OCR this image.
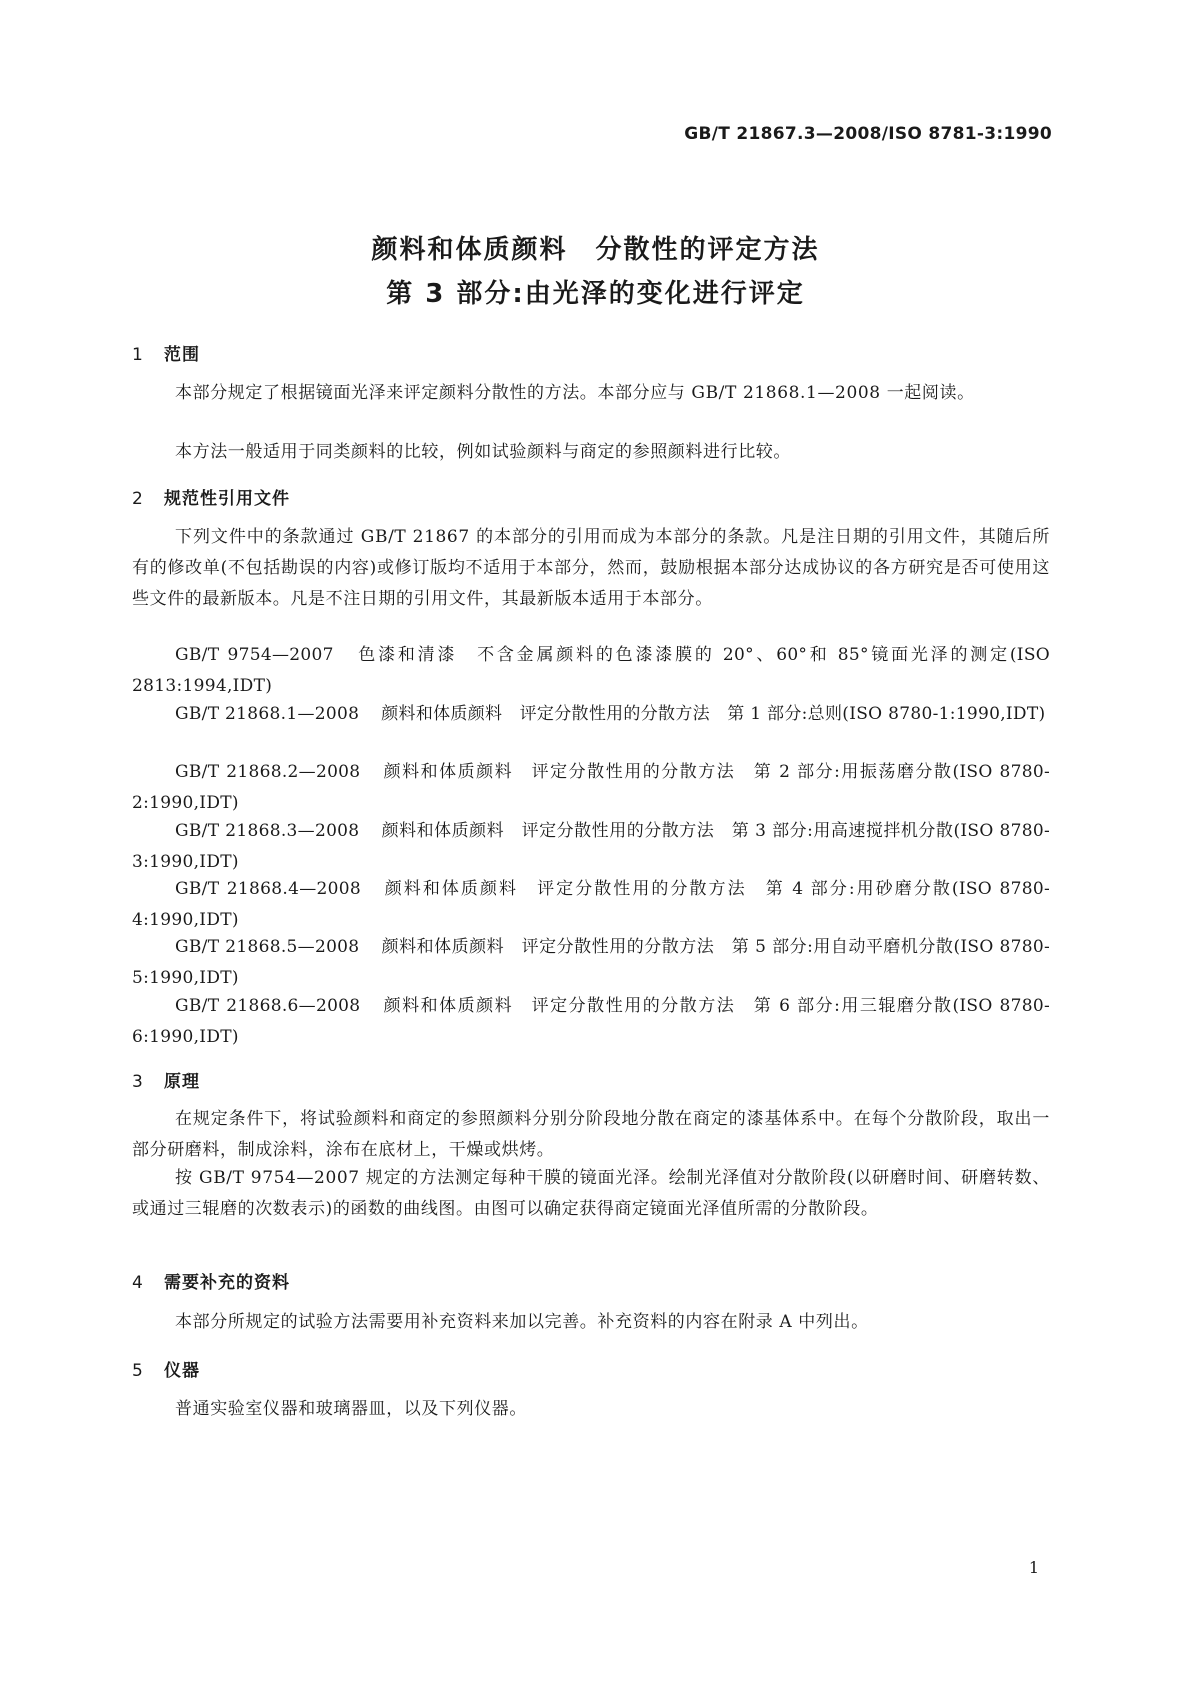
GB/T 21867.3—2008/ISO 8781-3:1990
颜料和体质颜料　分散性的评定方法
第 3 部分:由光泽的变化进行评定
1 范围
本部分规定了根据镜面光泽来评定颜料分散性的方法。本部分应与 GB/T 21868.1—2008 一起阅读。
本方法一般适用于同类颜料的比较，例如试验颜料与商定的参照颜料进行比较。
2 规范性引用文件
下列文件中的条款通过 GB/T 21867 的本部分的引用而成为本部分的条款。凡是注日期的引用文件，其随后所有的修改单(不包括勘误的内容)或修订版均不适用于本部分，然而，鼓励根据本部分达成协议的各方研究是否可使用这些文件的最新版本。凡是不注日期的引用文件，其最新版本适用于本部分。
GB/T 9754—2007 色漆和清漆　不含金属颜料的色漆漆膜的 20°、60°和 85°镜面光泽的测定(ISO 2813:1994,IDT)
GB/T 21868.1—2008 颜料和体质颜料　评定分散性用的分散方法　第 1 部分:总则(ISO 8780-1:1990,IDT)
GB/T 21868.2—2008 颜料和体质颜料　评定分散性用的分散方法　第 2 部分:用振荡磨分散(ISO 8780-2:1990,IDT)
GB/T 21868.3—2008 颜料和体质颜料　评定分散性用的分散方法　第 3 部分:用高速搅拌机分散(ISO 8780-3:1990,IDT)
GB/T 21868.4—2008 颜料和体质颜料　评定分散性用的分散方法　第 4 部分:用砂磨分散(ISO 8780-4:1990,IDT)
GB/T 21868.5—2008 颜料和体质颜料　评定分散性用的分散方法　第 5 部分:用自动平磨机分散(ISO 8780-5:1990,IDT)
GB/T 21868.6—2008 颜料和体质颜料　评定分散性用的分散方法　第 6 部分:用三辊磨分散(ISO 8780-6:1990,IDT)
3 原理
在规定条件下，将试验颜料和商定的参照颜料分别分阶段地分散在商定的漆基体系中。在每个分散阶段，取出一部分研磨料，制成涂料，涂布在底材上，干燥或烘烤。
按 GB/T 9754—2007 规定的方法测定每种干膜的镜面光泽。绘制光泽值对分散阶段(以研磨时间、研磨转数、或通过三辊磨的次数表示)的函数的曲线图。由图可以确定获得商定镜面光泽值所需的分散阶段。
4 需要补充的资料
本部分所规定的试验方法需要用补充资料来加以完善。补充资料的内容在附录 A 中列出。
5 仪器
普通实验室仪器和玻璃器皿，以及下列仪器。
1
